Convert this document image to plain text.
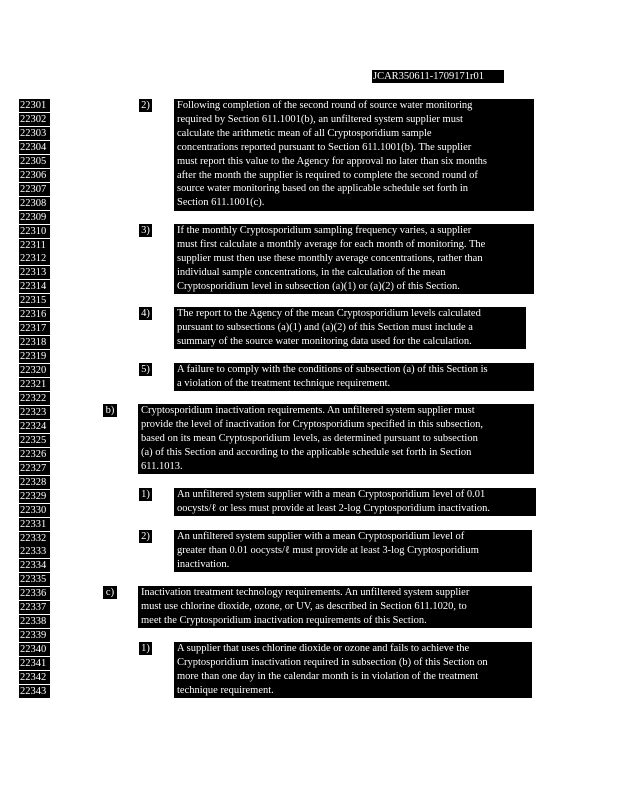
JCAR350611-1709171r01
22301
22302
22303
22304
22305
22306
22307
22308
22309
22310
22311
22312
22313
22314
22315
22316
22317
22318
22319
22320
22321
22322
22323
22324
22325
22326
22327
22328
22329
22330
22331
22332
22333
22334
22335
22336
22337
22338
22339
22340
22341
22342
22343
2)	Following completion of the second round of source water monitoring
required by Section 611.1001(b), an unfiltered system supplier must
calculate the arithmetic mean of all Cryptosporidium sample
concentrations reported pursuant to Section 611.1001(b). The supplier
must report this value to the Agency for approval no later than six months
after the month the supplier is required to complete the second round of
source water monitoring based on the applicable schedule set forth in
Section 611.1001(c).
3)	If the monthly Cryptosporidium sampling frequency varies, a supplier
must first calculate a monthly average for each month of monitoring. The
supplier must then use these monthly average concentrations, rather than
individual sample concentrations, in the calculation of the mean
Cryptosporidium level in subsection (a)(1) or (a)(2) of this Section.
4)	The report to the Agency of the mean Cryptosporidium levels calculated
pursuant to subsections (a)(1) and (a)(2) of this Section must include a
summary of the source water monitoring data used for the calculation.
5)	A failure to comply with the conditions of subsection (a) of this Section is
a violation of the treatment technique requirement.
b)	Cryptosporidium inactivation requirements. An unfiltered system supplier must
provide the level of inactivation for Cryptosporidium specified in this subsection,
based on its mean Cryptosporidium levels, as determined pursuant to subsection
(a) of this Section and according to the applicable schedule set forth in Section
611.1013.
1)	An unfiltered system supplier with a mean Cryptosporidium level of 0.01
oocysts/ℓ or less must provide at least 2-log Cryptosporidium inactivation.
2)	An unfiltered system supplier with a mean Cryptosporidium level of
greater than 0.01 oocysts/ℓ must provide at least 3-log Cryptosporidium
inactivation.
c)	Inactivation treatment technology requirements. An unfiltered system supplier
must use chlorine dioxide, ozone, or UV, as described in Section 611.1020, to
meet the Cryptosporidium inactivation requirements of this Section.
1)	A supplier that uses chlorine dioxide or ozone and fails to achieve the
Cryptosporidium inactivation required in subsection (b) of this Section on
more than one day in the calendar month is in violation of the treatment
technique requirement.
